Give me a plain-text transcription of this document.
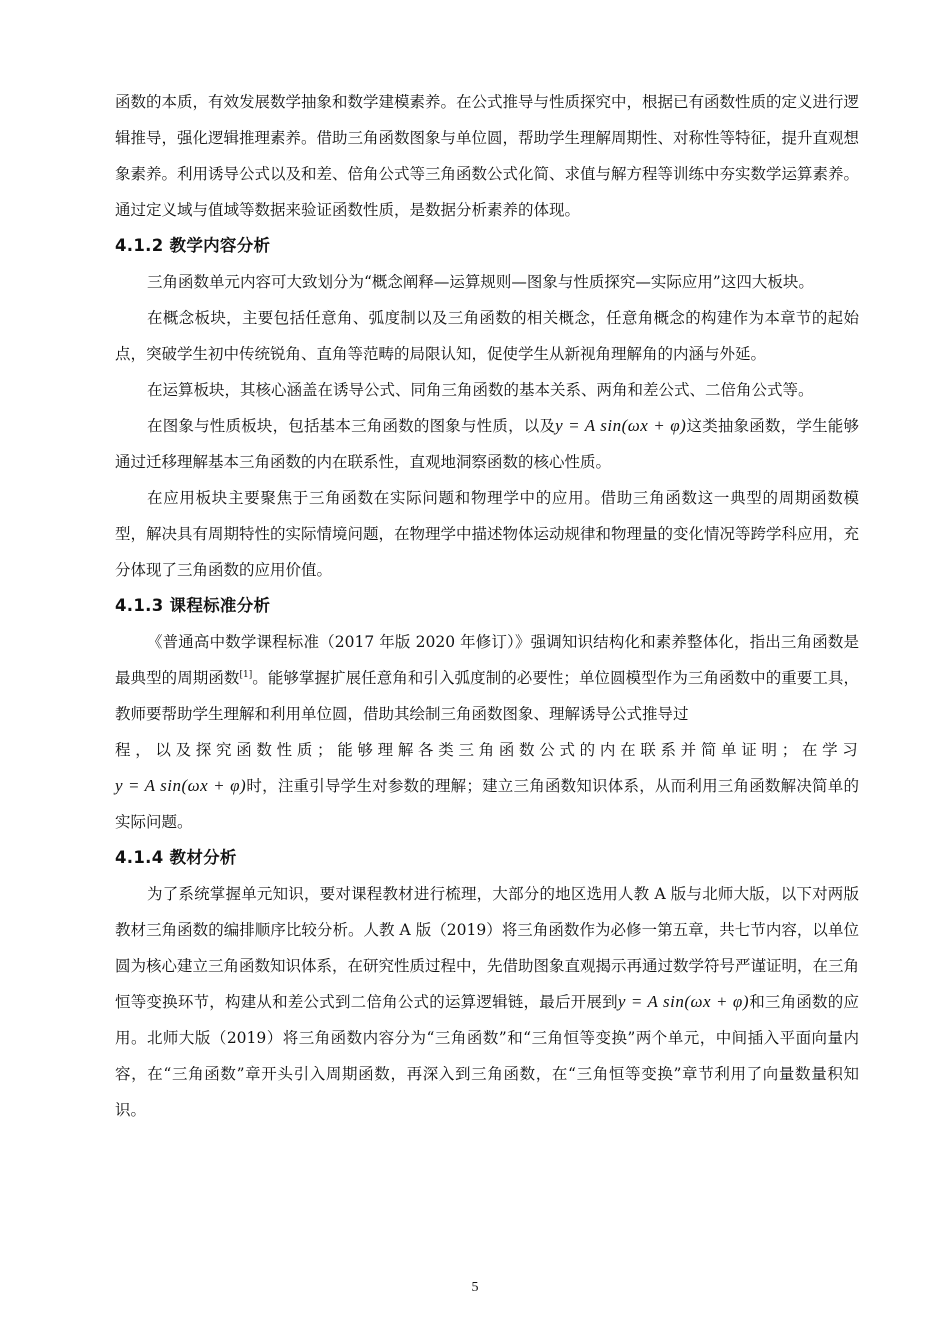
函数的本质，有效发展数学抽象和数学建模素养。在公式推导与性质探究中，根据已有函数性质的定义进行逻辑推导，强化逻辑推理素养。借助三角函数图象与单位圆，帮助学生理解周期性、对称性等特征，提升直观想象素养。利用诱导公式以及和差、倍角公式等三角函数公式化简、求值与解方程等训练中夯实数学运算素养。通过定义域与值域等数据来验证函数性质，是数据分析素养的体现。

4.1.2 教学内容分析

三角函数单元内容可大致划分为“概念阐释—运算规则—图象与性质探究—实际应用”这四大板块。

在概念板块，主要包括任意角、弧度制以及三角函数的相关概念，任意角概念的构建作为本章节的起始点，突破学生初中传统锐角、直角等范畴的局限认知，促使学生从新视角理解角的内涵与外延。

在运算板块，其核心涵盖在诱导公式、同角三角函数的基本关系、两角和差公式、二倍角公式等。

在图象与性质板块，包括基本三角函数的图象与性质，以及y = A sin(ωx + φ)这类抽象函数，学生能够通过迁移理解基本三角函数的内在联系性，直观地洞察函数的核心性质。

在应用板块主要聚焦于三角函数在实际问题和物理学中的应用。借助三角函数这一典型的周期函数模型，解决具有周期特性的实际情境问题，在物理学中描述物体运动规律和物理量的变化情况等跨学科应用，充分体现了三角函数的应用价值。

4.1.3 课程标准分析

《普通高中数学课程标准（2017 年版 2020 年修订）》强调知识结构化和素养整体化，指出三角函数是最典型的周期函数[1]。能够掌握扩展任意角和引入弧度制的必要性；单位圆模型作为三角函数中的重要工具，教师要帮助学生理解和利用单位圆，借助其绘制三角函数图象、理解诱导公式推导过

程，以及探究函数性质；能够理解各类三角函数公式的内在联系并简单证明；在学习

y = A sin(ωx + φ)时，注重引导学生对参数的理解；建立三角函数知识体系，从而利用三角函数解决简单的实际问题。

4.1.4 教材分析

为了系统掌握单元知识，要对课程教材进行梳理，大部分的地区选用人教 A 版与北师大版，以下对两版教材三角函数的编排顺序比较分析。人教 A 版（2019）将三角函数作为必修一第五章，共七节内容，以单位圆为核心建立三角函数知识体系，在研究性质过程中，先借助图象直观揭示再通过数学符号严谨证明，在三角恒等变换环节，构建从和差公式到二倍角公式的运算逻辑链，最后开展到y = A sin(ωx + φ)和三角函数的应用。北师大版（2019）将三角函数内容分为“三角函数”和“三角恒等变换”两个单元，中间插入平面向量内容，在“三角函数”章开头引入周期函数，再深入到三角函数，在“三角恒等变换”章节利用了向量数量积知识。

5
